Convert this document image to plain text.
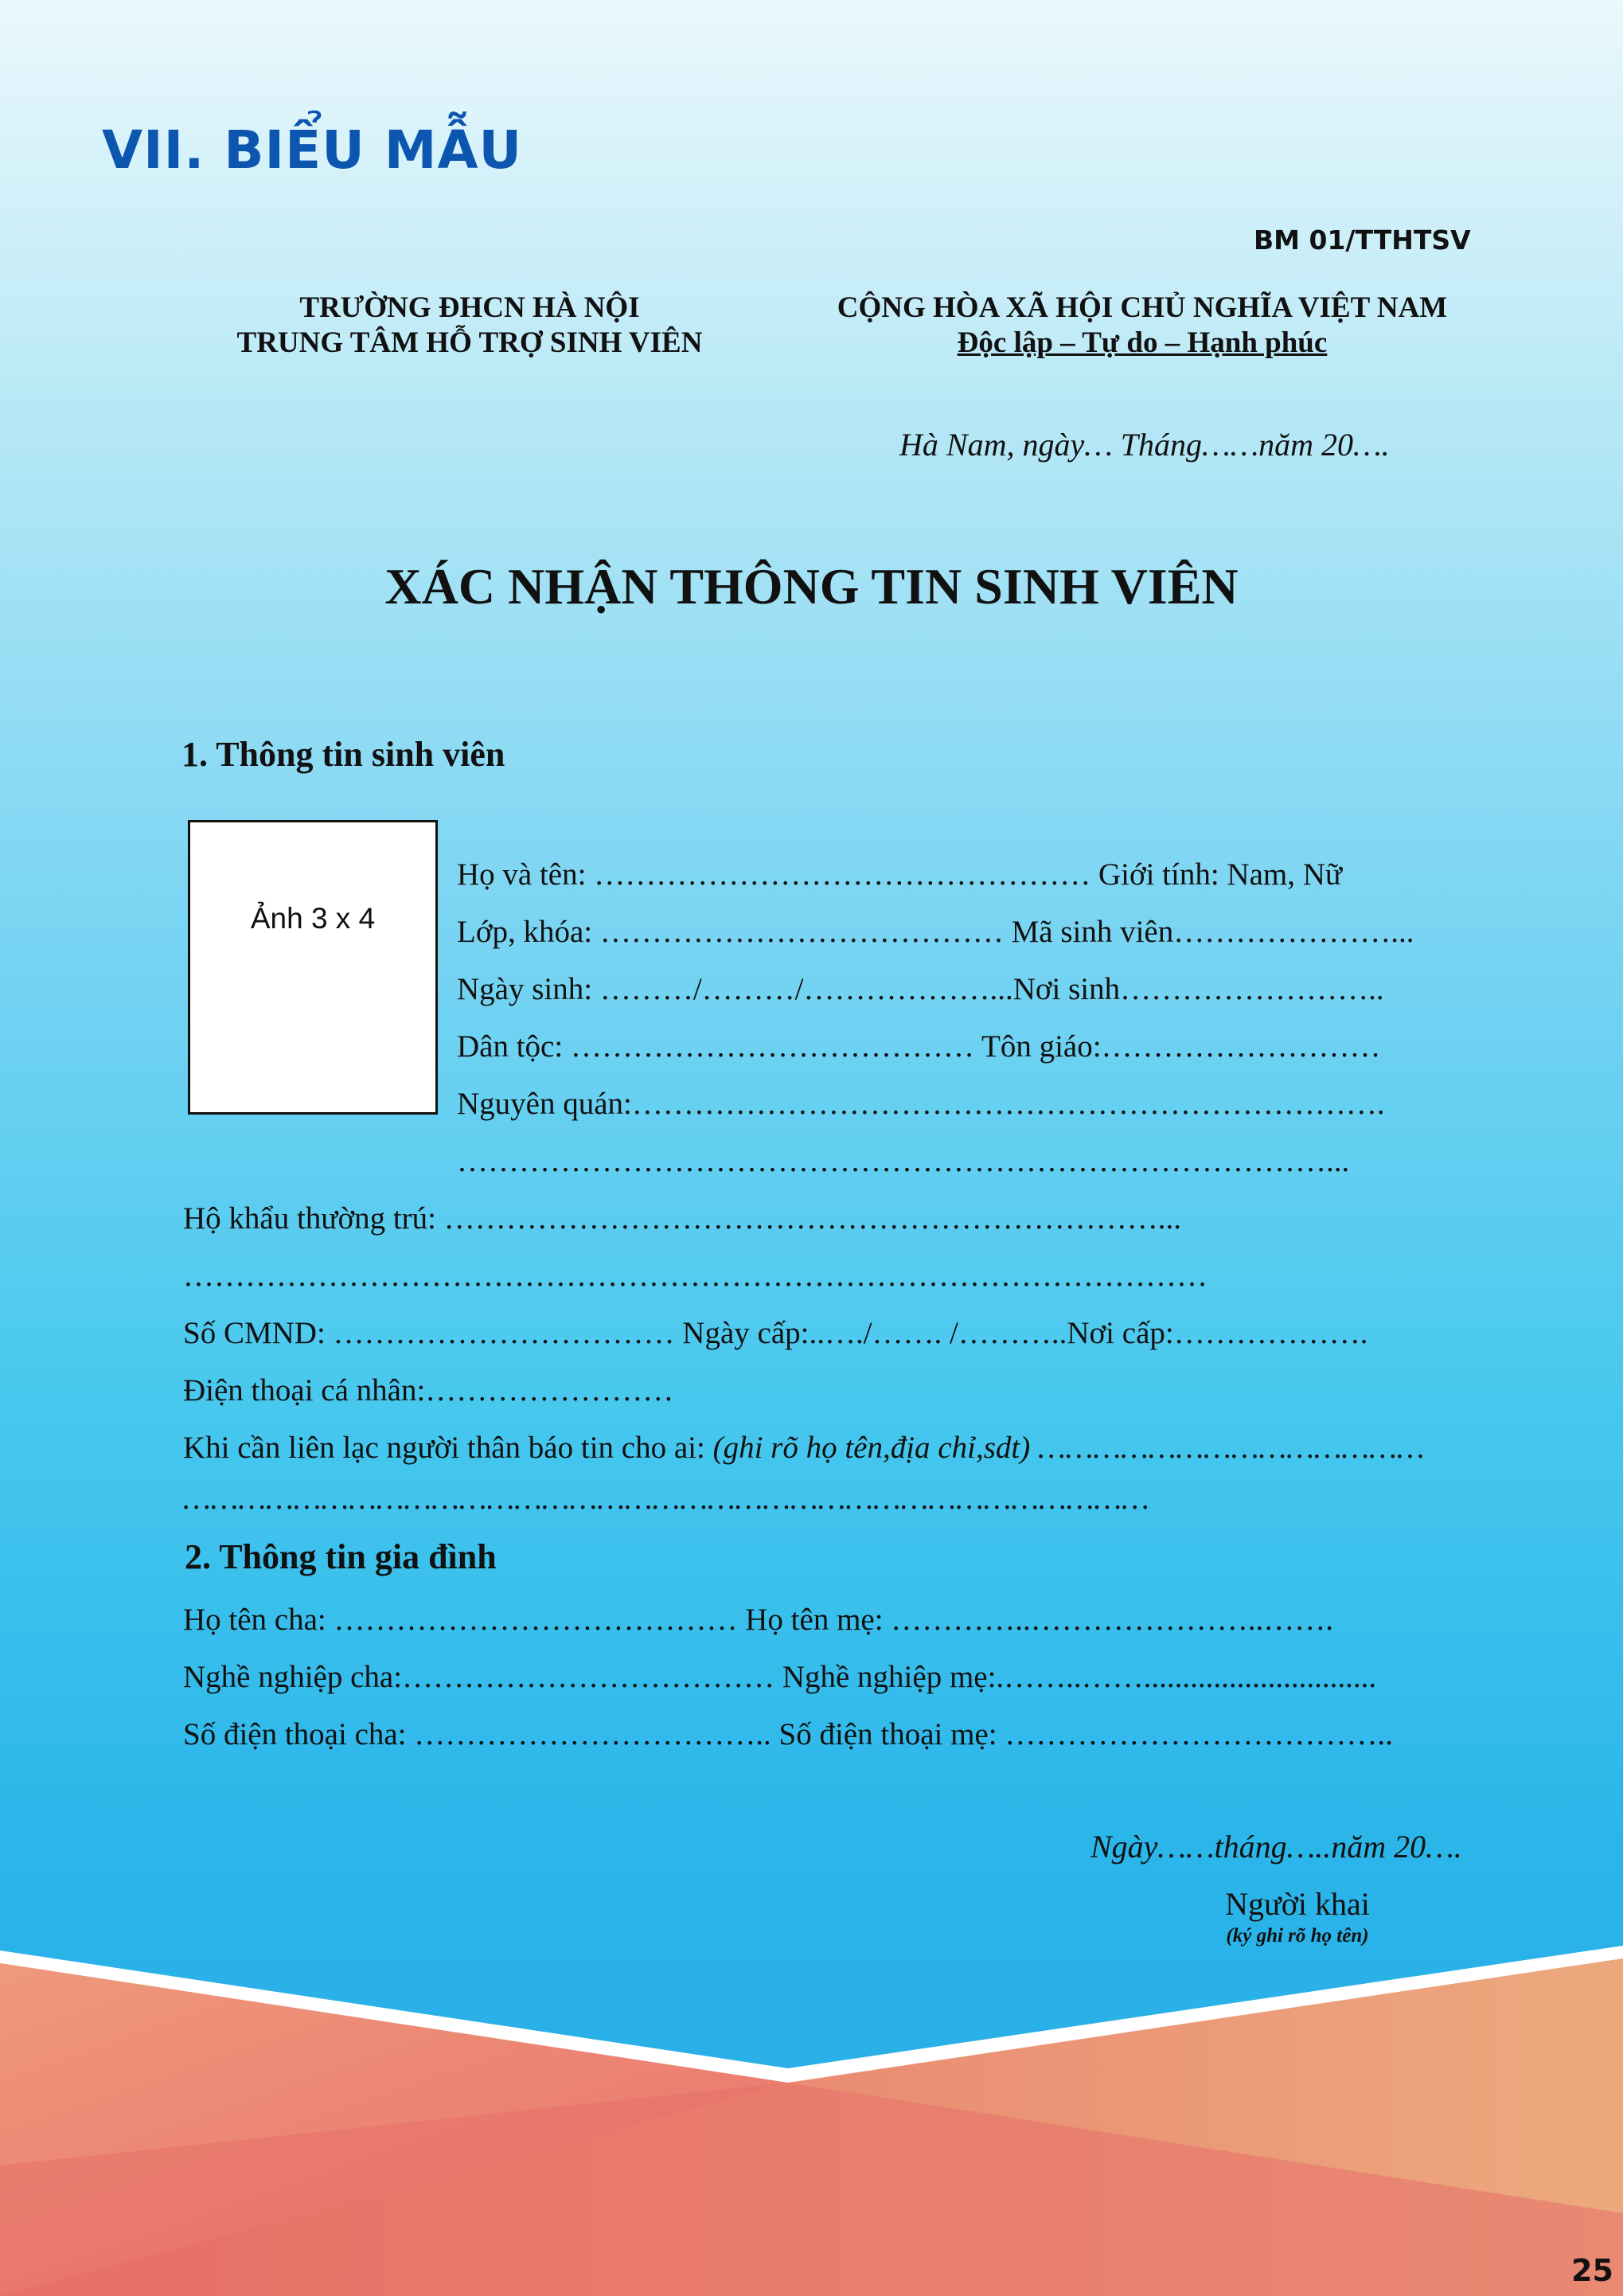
VII. BIỂU MẪU
BM 01/TTHTSV
TRƯỜNG ĐHCN HÀ NỘI
TRUNG TÂM HỖ TRỢ SINH VIÊN
CỘNG HÒA XÃ HỘI CHỦ NGHĨA VIỆT NAM
Độc lập – Tự do – Hạnh phúc
Hà Nam, ngày… Tháng……năm 20….
XÁC NHẬN THÔNG TIN SINH VIÊN
1. Thông tin sinh viên
Ảnh 3 x 4
Họ và tên: ………………………………………… Giới tính: Nam, Nữ
Lớp, khóa: ………………………………… Mã sinh viên…………………...
Ngày sinh: ………/………/………………...Nơi sinh……………………..
Dân tộc: ………………………………… Tôn giáo:………………………
Nguyên quán:……………………………………………………………….
…………………………………………………………………………...
Hộ khẩu thường trú: ……………………………………………………………...
………………………………………………………………………………………
Số CMND: …………………………… Ngày cấp:..…./……. /………..Nơi cấp:……………….
Điện thoại cá nhân:……………………
Khi cần liên lạc người thân báo tin cho ai: (ghi rõ họ tên,địa chỉ,sdt) ……………………………………
……………………………………………………………………………………………
2. Thông tin gia đình
Họ tên cha: ………………………………… Họ tên mẹ: …………..…………………..…….
Nghề nghiệp cha:……………………………… Nghề nghiệp mẹ:.……..……..............................
Số điện thoại cha: …………………………….. Số điện thoại mẹ: ………………………………..
Ngày……tháng…..năm 20….
Người khai
(ký ghi rõ họ tên)
25
